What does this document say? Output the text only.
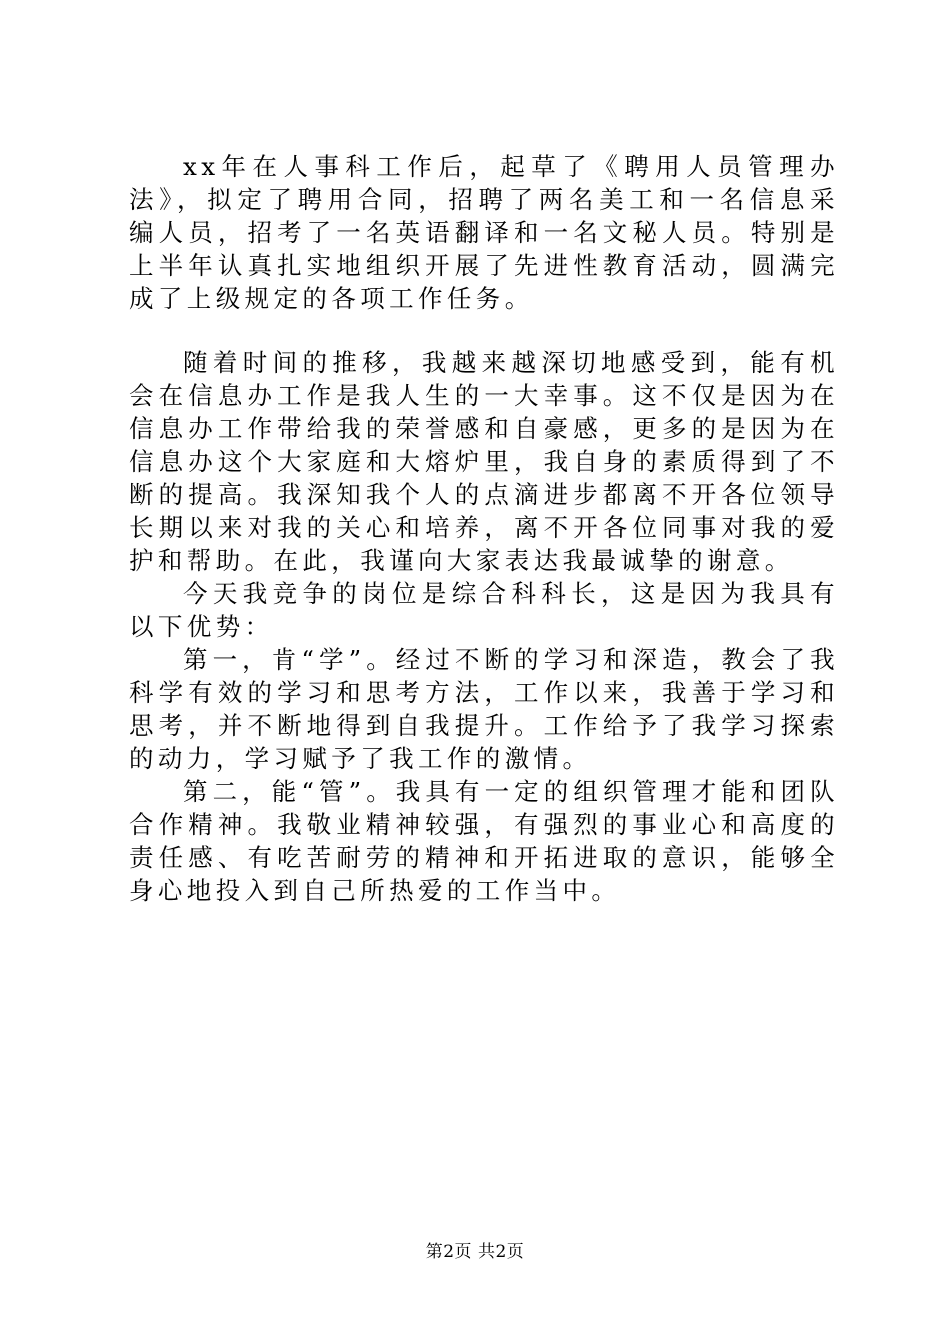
xx年在人事科工作后，起草了《聘用人员管理办法》，拟定了聘用合同，招聘了两名美工和一名信息采编人员，招考了一名英语翻译和一名文秘人员。特别是上半年认真扎实地组织开展了先进性教育活动，圆满完成了上级规定的各项工作任务。

随着时间的推移，我越来越深切地感受到，能有机会在信息办工作是我人生的一大幸事。这不仅是因为在信息办工作带给我的荣誉感和自豪感，更多的是因为在信息办这个大家庭和大熔炉里，我自身的素质得到了不断的提高。我深知我个人的点滴进步都离不开各位领导长期以来对我的关心和培养，离不开各位同事对我的爱护和帮助。在此，我谨向大家表达我最诚挚的谢意。

今天我竞争的岗位是综合科科长，这是因为我具有以下优势：

第一，肯“学”。经过不断的学习和深造，教会了我科学有效的学习和思考方法，工作以来，我善于学习和思考，并不断地得到自我提升。工作给予了我学习探索的动力，学习赋予了我工作的激情。

第二，能“管”。我具有一定的组织管理才能和团队合作精神。我敬业精神较强，有强烈的事业心和高度的责任感、有吃苦耐劳的精神和开拓进取的意识，能够全身心地投入到自己所热爱的工作当中。

第2页 共2页
